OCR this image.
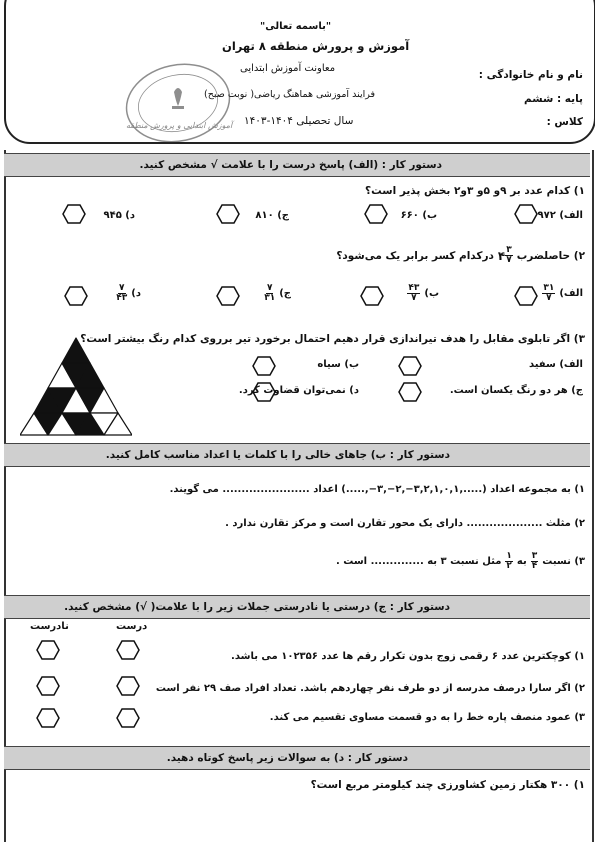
"باسمه تعالی"
آموزش و پرورش منطقه ۸ تهران
معاونت آموزش ابتدایی
فرایند آموزشی هماهنگ ریاضی( نوبت صبح)
سال تحصیلی ۱۴۰۴-۱۴۰۳
نام و نام خانوادگی :
پایه : ششم
کلاس :
آموزش ابتدایی و پرورش منطقه
دستور کار : (الف) پاسخ درست را با علامت √ مشخص کنید.
۱) کدام عدد بر ۹و ۵و ۳و۲ بخش پذیر است؟
الف) ۹۷۲
ب) ۶۶۰
ج) ۸۱۰
د) ۹۴۵
۲) حاصلضرب
۴ $\frac{۳}{۷}$
درکدام کسر برابر یک می‌شود؟
الف)
$\frac{۳۱}{۷}$
ب)
$\frac{۴۳}{۷}$
ج)
$\frac{۷}{۳۱}$
د)
$\frac{۷}{۴۳}$
۳) اگر تابلوی مقابل را هدف تیراندازی قرار دهیم احتمال برخورد تیر برروی کدام رنگ بیشتر است؟
الف) سفید
ب) سیاه
ج) هر دو رنگ یکسان است.
د) نمی‌توان قضاوت کرد.
دستور کار : ب) جاهای خالی را با کلمات یا اعداد مناسب کامل کنید.
۱) به مجموعه اعداد (.....,۳,۲,۱,۰,۱−,۲−,۳−,.....) اعداد ....................... می گویند.
۲) مثلث .................... دارای یک محور تقارن است و مرکز تقارن ندارد .
۳) نسبت
$\frac{۳}{۴}$
به
$\frac{۱}{۲}$
مثل نسبت ۳ به .............. است .
دستور کار : ج) درستی یا نادرستی جملات زیر را با علامت( √) مشخص کنید.
درست
نادرست
۱) کوچکترین عدد ۶ رقمی زوج بدون تکرار رقم ها عدد ۱۰۲۳۵۶ می باشد.
۲) اگر سارا درصف مدرسه از دو طرف نفر چهاردهم باشد. تعداد افراد صف ۲۹ نفر است
۳) عمود منصف پاره خط را به دو قسمت مساوی تقسیم می کند.
دستور کار : د) به سوالات زیر پاسخ کوتاه دهید.
۱) ۳۰۰ هکتار زمین کشاورزی چند کیلومتر مربع است؟
